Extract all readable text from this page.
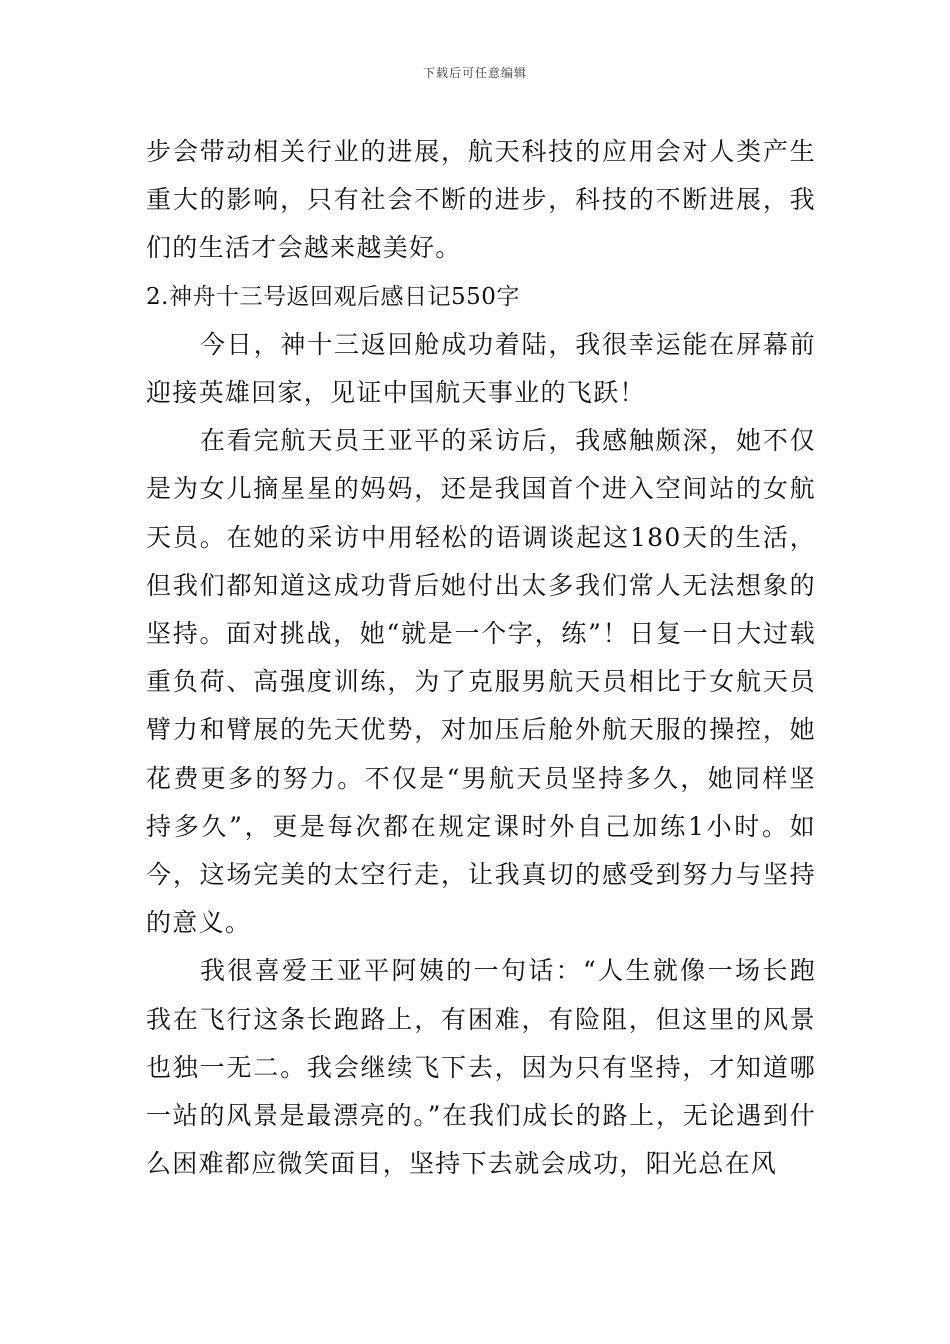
下载后可任意编辑

步会带动相关行业的进展，航天科技的应用会对人类产生重大的影响，只有社会不断的进步，科技的不断进展，我们的生活才会越来越美好。

2.神舟十三号返回观后感日记550字

今日，神十三返回舱成功着陆，我很幸运能在屏幕前迎接英雄回家，见证中国航天事业的飞跃！

在看完航天员王亚平的采访后，我感触颇深，她不仅是为女儿摘星星的妈妈，还是我国首个进入空间站的女航天员。在她的采访中用轻松的语调谈起这180天的生活，但我们都知道这成功背后她付出太多我们常人无法想象的坚持。面对挑战，她“就是一个字，练”！日复一日大过载重负荷、高强度训练，为了克服男航天员相比于女航天员臂力和臂展的先天优势，对加压后舱外航天服的操控，她花费更多的努力。不仅是“男航天员坚持多久，她同样坚持多久”，更是每次都在规定课时外自己加练1小时。如今，这场完美的太空行走，让我真切的感受到努力与坚持的意义。

我很喜爱王亚平阿姨的一句话：“人生就像一场长跑我在飞行这条长跑路上，有困难，有险阻，但这里的风景也独一无二。我会继续飞下去，因为只有坚持，才知道哪一站的风景是最漂亮的。”在我们成长的路上，无论遇到什么困难都应微笑面目，坚持下去就会成功，阳光总在风
